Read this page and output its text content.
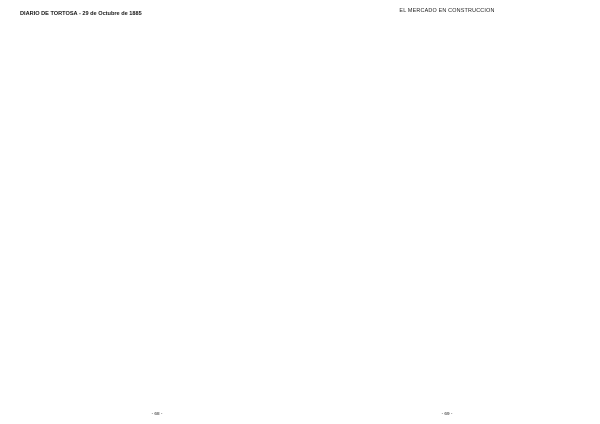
DIARIO DE TORTOSA - 29 de Octubre de 1885
- 68 -
EL MERCADO EN CONSTRUCCIÓN

- 69 -
